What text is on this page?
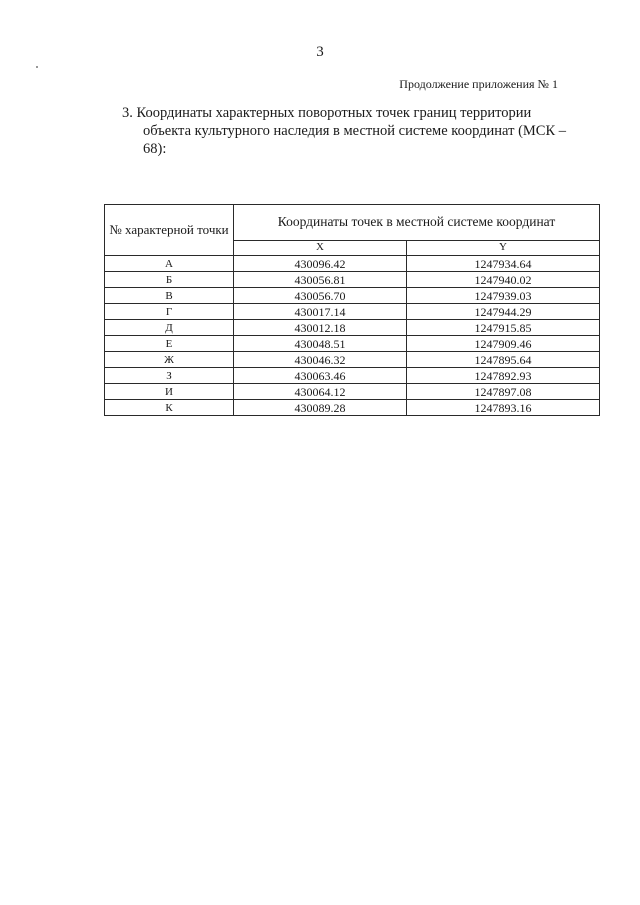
3
Продолжение приложения № 1
3. Координаты характерных поворотных точек границ территории
объекта культурного наследия в местной системе координат (МСК –
68):
№ характерной точки	Координаты точек в местной системе координат	
	X	Y
А	430096.42	1247934.64
Б	430056.81	1247940.02
В	430056.70	1247939.03
Г	430017.14	1247944.29
Д	430012.18	1247915.85
Е	430048.51	1247909.46
Ж	430046.32	1247895.64
З	430063.46	1247892.93
И	430064.12	1247897.08
К	430089.28	1247893.16
